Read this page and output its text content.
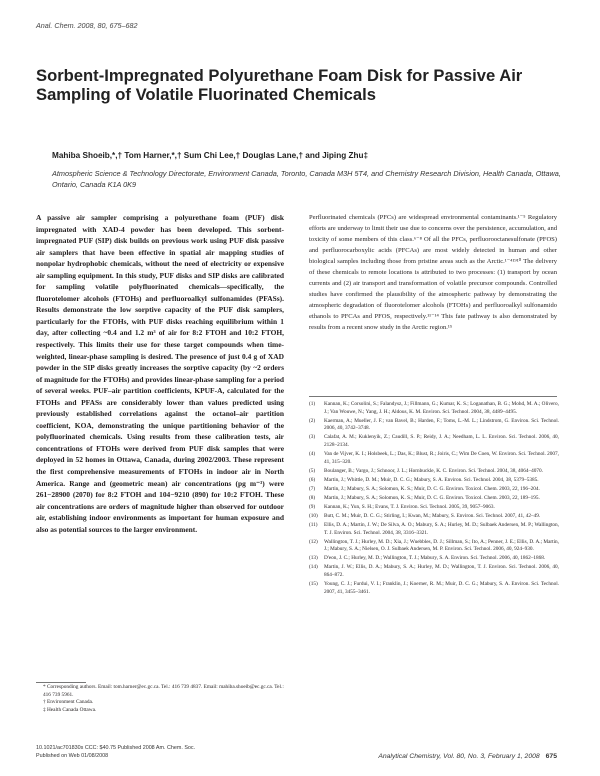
Anal. Chem. 2008, 80, 675–682
Sorbent-Impregnated Polyurethane Foam Disk for Passive Air Sampling of Volatile Fluorinated Chemicals
Mahiba Shoeib,*,† Tom Harner,*,† Sum Chi Lee,† Douglas Lane,† and Jiping Zhu‡
Atmospheric Science & Technology Directorate, Environment Canada, Toronto, Canada M3H 5T4, and Chemistry Research Division, Health Canada, Ottawa, Ontario, Canada K1A 0K9

A passive air sampler comprising a polyurethane foam (PUF) disk impregnated with XAD-4 powder has been developed. This sorbent-impregnated PUF (SIP) disk builds on previous work using PUF disk passive air samplers that have been effective in spatial air mapping studies of nonpolar hydrophobic chemicals, without the need of electricity or expensive air sampling equipment. In this study, PUF disks and SIP disks are calibrated for sampling volatile polyfluorinated chemicals—specifically, the fluorotelomer alcohols (FTOHs) and perfluoroalkyl sulfonamides (PFASs). Results demonstrate the low sorptive capacity of the PUF disk samplers, particularly for the FTOHs, with PUF disks reaching equilibrium within 1 day, after collecting ~0.4 and 1.2 m³ of air for 8:2 FTOH and 10:2 FTOH, respectively. This limits their use for these target compounds when time-weighted, linear-phase sampling is desired. The presence of just 0.4 g of XAD powder in the SIP disks greatly increases the sorptive capacity (by ~2 orders of magnitude for the FTOHs) and provides linear-phase sampling for a period of several weeks. PUF–air partition coefficients, KPUF-A, calculated for the FTOHs and PFASs are considerably lower than values predicted using previously established correlations against the octanol–air partition coefficient, KOA, demonstrating the unique partitioning behavior of the polyfluorinated chemicals. Using results from these calibration tests, air concentrations of FTOHs were derived from PUF disk samples that were deployed in 52 homes in Ottawa, Canada, during 2002/2003. These represent the first comprehensive measurements of FTOHs in indoor air in North America. Range and (geometric mean) air concentrations (pg m⁻³) were 261−28900 (2070) for 8:2 FTOH and 104−9210 (890) for 10:2 FTOH. These air concentrations are orders of magnitude higher than observed for outdoor air, establishing indoor environments as important for human exposure and also as potential sources to the larger environment.

Perfluorinated chemicals (PFCs) are widespread environmental contaminants.¹⁻⁵ Regulatory efforts are underway to limit their use due to concerns over the persistence, accumulation, and toxicity of some members of this class.⁶⁻⁸ Of all the PFCs, perfluorooctanesulfonate (PFOS) and perfluorocarboxylic acids (PFCAs) are most widely detected in human and other biological samples including those from pristine areas such as the Arctic.¹⁻⁴¹⁹¹⁰ The delivery of these chemicals to remote locations is attributed to two processes: (1) transport by ocean currents and (2) air transport and transformation of volatile precursor compounds. Controlled studies have confirmed the plausibility of the atmospheric pathway by demonstrating the atmospheric degradation of fluorotelomer alcohols (FTOHs) and perfluoroalkyl sulfonamido ethanols to PFCAs and PFOS, respectively.¹¹⁻¹⁴ This fate pathway is also demonstrated by results from a recent snow study in the Arctic region.¹⁵

(1)	Kannan, K.; Corsolini, S.; Falandysz, J.; Fillmann, G.; Kumar, K. S.; Loganathan, B. G.; Mohd, M. A.; Olivero, J.; Van Wouwe, N.; Yang, J. H.; Aldous, K. M. Environ. Sci. Technol. 2004, 38, 4489–4495.
(2)	Kaerman, A.; Mueller, J. F.; van Bavel, B.; Harden, F.; Toms, L.-M. L.; Lindstrom, G. Environ. Sci. Technol. 2006, 40, 3742–3748.
(3)	Calafat, A. M.; Kuklenyik, Z.; Caudill, S. P.; Reidy, J. A.; Needham, L. L. Environ. Sci. Technol. 2006, 40, 2128–2134.
(4)	Van de Vijver, K. I.; Holsbeek, L.; Das, K.; Blust, R.; Joiris, C.; Wim De Coen, W. Environ. Sci. Technol. 2007, 41, 315–320.
(5)	Boulanger, B.; Vargo, J.; Schnoor, J. L.; Hornbuckle, K. C. Environ. Sci. Technol. 2004, 38, 4064–4070.
(6)	Martin, J.; Whittle, D. M.; Muir, D. C. G.; Mabury, S. A. Environ. Sci. Technol. 2004, 38, 5379–5385.
(7)	Martin, J.; Mabury, S. A.; Solomon, K. S.; Muir, D. C. G. Environ. Toxicol. Chem. 2003, 22, 196–204.
(8)	Martin, J.; Mabury, S. A.; Solomon, K. S.; Muir, D. C. G. Environ. Toxicol. Chem. 2003, 22, 189–195.
(9)	Kannan, K.; Yun, S. H.; Evans, T. J. Environ. Sci. Technol. 2005, 39, 9057–9063.
(10)	Butt, C. M.; Muir, D. C. G.; Stirling, I.; Kwan, M.; Mabury, S. Environ. Sci. Technol. 2007, 41, 42–49.
(11)	Ellis, D. A.; Martin, J. W.; De Silva, A. O.; Mabury, S. A.; Hurley, M. D.; Sulbaek Andersen, M. P.; Wallington, T. J. Environ. Sci. Technol. 2004, 38, 3316–3321.
(12)	Wallington, T. J.; Hurley, M. D.; Xia, J.; Wuebbles, D. J.; Sillman, S.; Ito, A.; Penner, J. E.; Ellis, D. A.; Martin, J.; Mabury, S. A.; Nielsen, O. J. Sulbaek Andersen, M. P. Environ. Sci. Technol. 2006, 40, 924–930.
(13)	D'eon, J. C.; Hurley, M. D.; Wallington, T. J.; Mabury, S. A. Environ. Sci. Technol. 2006, 40, 1862–1868.
(14)	Martin, J. W.; Ellis, D. A.; Mabury, S. A.; Hurley, M. D.; Wallington, T. J. Environ. Sci. Technol. 2006, 40, 864–872.
(15)	Young, C. J.; Furdui, V. I.; Franklin, J.; Koerner, R. M.; Muir, D. C. G.; Mabury, S. A. Environ. Sci. Technol. 2007, 41, 3455–3461.
* Corresponding authors. Email: tom.harner@ec.gc.ca. Tel.: 416 739 4837. Email: mahiba.shoeib@ec.gc.ca. Tel.: 416 739 5961.
† Environment Canada.
‡ Health Canada Ottawa.
10.1021/ac701830s CCC: $40.75 Published 2008 Am. Chem. Soc.
Published on Web 01/08/2008	Analytical Chemistry, Vol. 80, No. 3, February 1, 2008 675
